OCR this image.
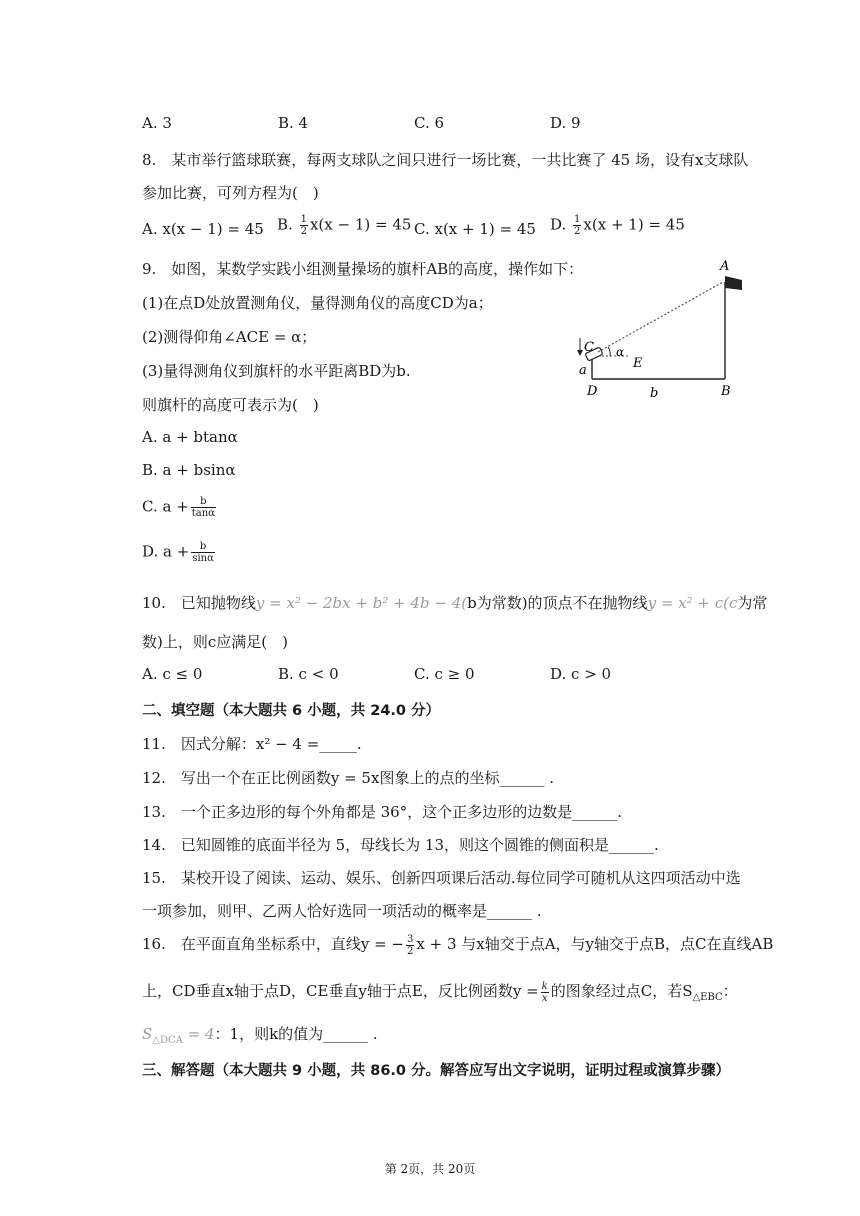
A. 3	B. 4	C. 6	D. 9
8.　某市举行篮球联赛，每两支球队之间只进行一场比赛，一共比赛了 45 场，设有x支球队
参加比赛，可列方程为(　)
A. x(x − 1) = 45 B. $\frac{1}{2} x(x - 1) = 45$ C. x(x + 1) = 45 D. $\frac{1}{2} x(x + 1) = 45$
9.　如图，某数学实践小组测量操场的旗杆AB的高度，操作如下：
(1)在点D处放置测角仪，量得测角仪的高度CD为a；
(2)测得仰角∠ACE = α；
(3)量得测角仪到旗杆的水平距离BD为b.
则旗杆的高度可表示为(　)
A. a + btanα
B. a + bsinα
C. $a + \frac{b}{\tan\alpha}$
D. $a + \frac{b}{\sin\alpha}$
A
B
C
D
E
a
b
α
10.　已知抛物线y = x² − 2bx + b² + 4b − 4(b为常数)的顶点不在抛物线y = x² + c(c为常
数)上，则c应满足(　)
A. c ≤ 0	B. c < 0	C. c ≥ 0	D. c > 0
二、填空题（本大题共 6 小题，共 24.0 分）
11.　因式分解：x² − 4 =_____.
12.　写出一个在正比例函数y = 5x图象上的点的坐标______ .
13.　一个正多边形的每个外角都是 36°，这个正多边形的边数是______.
14.　已知圆锥的底面半径为 5，母线长为 13，则这个圆锥的侧面积是______.
15.　某校开设了阅读、运动、娱乐、创新四项课后活动.每位同学可随机从这四项活动中选
一项参加，则甲、乙两人恰好选同一项活动的概率是______ .
16.　在平面直角坐标系中，直线y = − $\frac{3}{2}$ x + 3 与x轴交于点A，与y轴交于点B，点C在直线AB
上，CD垂直x轴于点D，CE垂直y轴于点E，反比例函数$y = \frac{k}{x}$ 的图象经过点C，若$S_{\triangle EBC}$：
$S_{\triangle DCA} = 4$：1，则k的值为______ .
三、解答题（本大题共 9 小题，共 86.0 分。解答应写出文字说明，证明过程或演算步骤）
第 2页，共 20页
